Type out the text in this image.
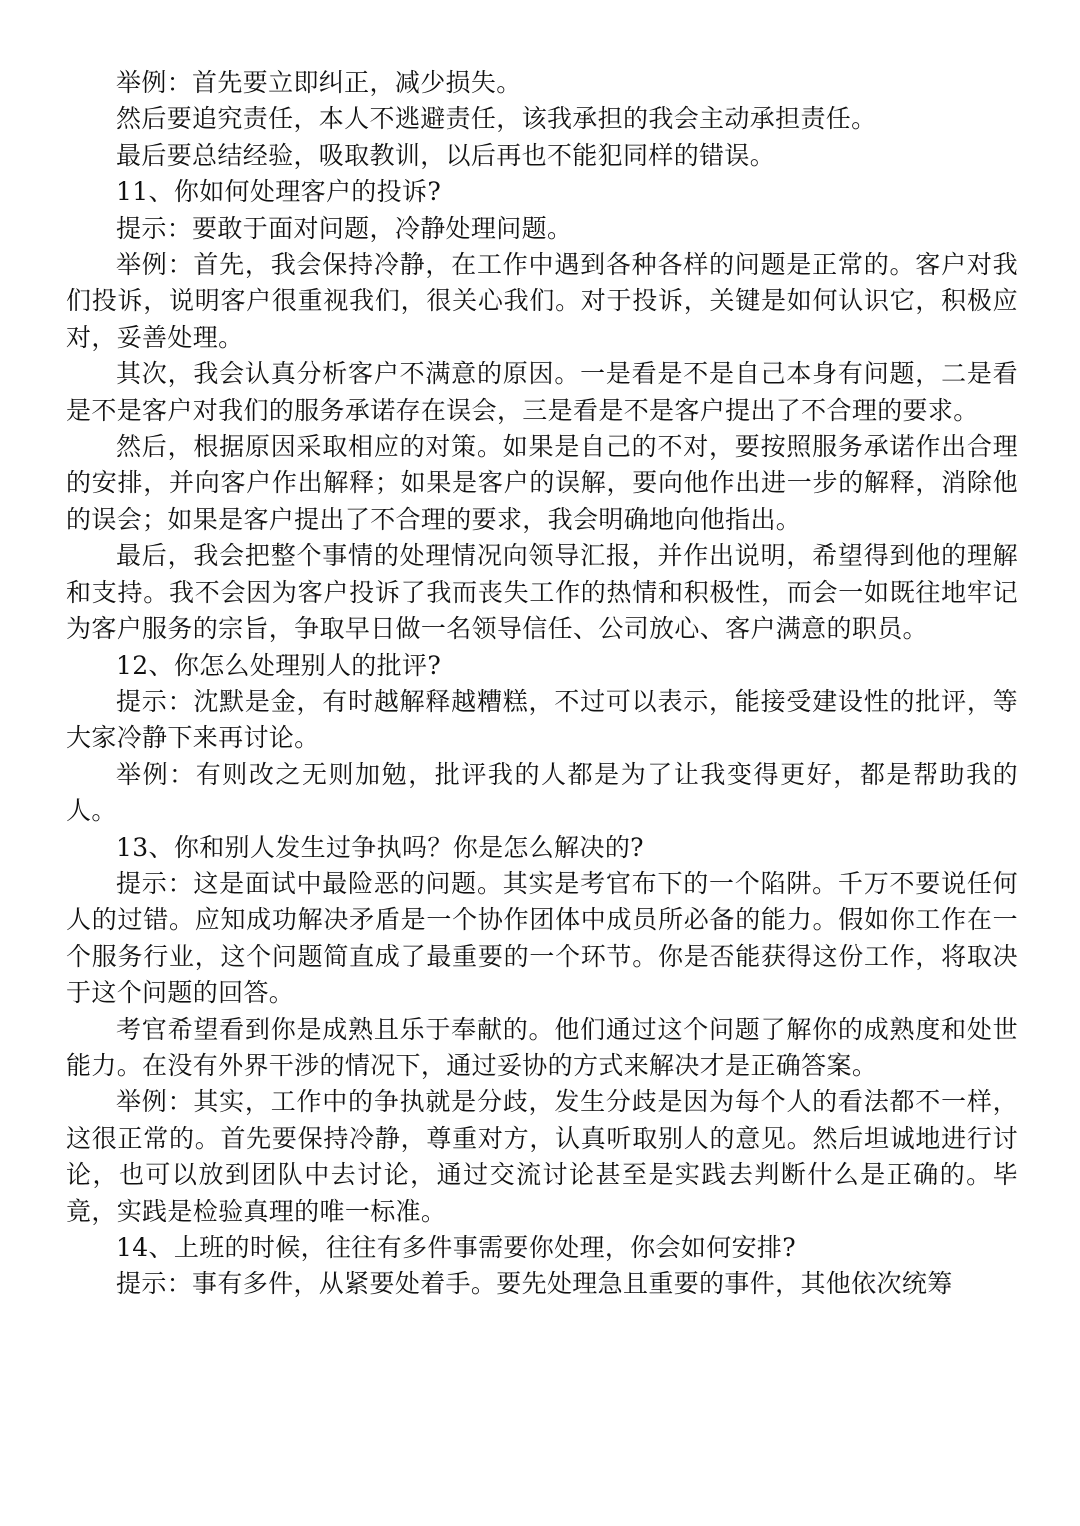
举例：首先要立即纠正，减少损失。

然后要追究责任，本人不逃避责任，该我承担的我会主动承担责任。

最后要总结经验，吸取教训，以后再也不能犯同样的错误。

11、你如何处理客户的投诉?

提示：要敢于面对问题，冷静处理问题。

举例：首先，我会保持冷静，在工作中遇到各种各样的问题是正常的。客户对我们投诉，说明客户很重视我们，很关心我们。对于投诉，关键是如何认识它，积极应对，妥善处理。

其次，我会认真分析客户不满意的原因。一是看是不是自己本身有问题，二是看是不是客户对我们的服务承诺存在误会，三是看是不是客户提出了不合理的要求。

然后，根据原因采取相应的对策。如果是自己的不对，要按照服务承诺作出合理的安排，并向客户作出解释；如果是客户的误解，要向他作出进一步的解释，消除他的误会；如果是客户提出了不合理的要求，我会明确地向他指出。

最后，我会把整个事情的处理情况向领导汇报，并作出说明，希望得到他的理解和支持。我不会因为客户投诉了我而丧失工作的热情和积极性，而会一如既往地牢记为客户服务的宗旨，争取早日做一名领导信任、公司放心、客户满意的职员。

12、你怎么处理别人的批评?

提示：沈默是金，有时越解释越糟糕，不过可以表示，能接受建设性的批评，等大家冷静下来再讨论。

举例：有则改之无则加勉，批评我的人都是为了让我变得更好，都是帮助我的人。

13、你和别人发生过争执吗？你是怎么解决的?

提示：这是面试中最险恶的问题。其实是考官布下的一个陷阱。千万不要说任何人的过错。应知成功解决矛盾是一个协作团体中成员所必备的能力。假如你工作在一个服务行业，这个问题简直成了最重要的一个环节。你是否能获得这份工作，将取决于这个问题的回答。

考官希望看到你是成熟且乐于奉献的。他们通过这个问题了解你的成熟度和处世能力。在没有外界干涉的情况下，通过妥协的方式来解决才是正确答案。

举例：其实，工作中的争执就是分歧，发生分歧是因为每个人的看法都不一样，这很正常的。首先要保持冷静，尊重对方，认真听取别人的意见。然后坦诚地进行讨论，也可以放到团队中去讨论，通过交流讨论甚至是实践去判断什么是正确的。毕竟，实践是检验真理的唯一标准。

14、上班的时候，往往有多件事需要你处理，你会如何安排?

提示：事有多件，从紧要处着手。要先处理急且重要的事件，其他依次统筹
